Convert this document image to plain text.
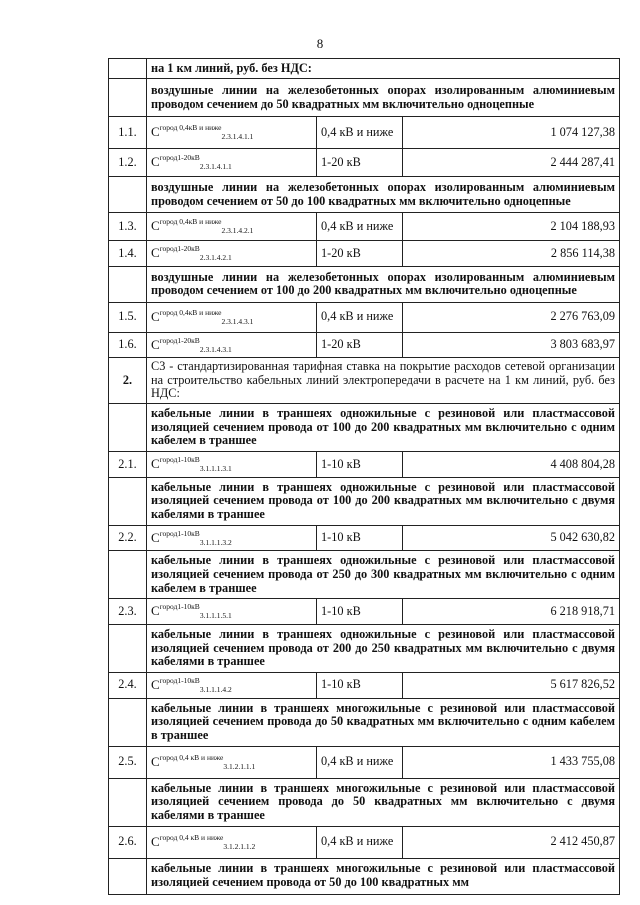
8
	на 1 км линий, руб. без НДС:		
	воздушные линии на железобетонных опорах изолированным алюминиевым проводом сечением до 50 квадратных мм включительно одноцепные		
1.1.	$С^{город 0,4кВ и ниже}_{2.3.1.4.1.1}$	0,4 кВ и ниже	1 074 127,38
1.2.	$С^{город1-20кВ}_{2.3.1.4.1.1}$	1-20 кВ	2 444 287,41
	воздушные линии на железобетонных опорах изолированным алюминиевым проводом сечением от 50 до 100 квадратных мм включительно одноцепные		
1.3.	$С^{город 0,4кВ и ниже}_{2.3.1.4.2.1}$	0,4 кВ и ниже	2 104 188,93
1.4.	$С^{город1-20кВ}_{2.3.1.4.2.1}$	1-20 кВ	2 856 114,38
	воздушные линии на железобетонных опорах изолированным алюминиевым проводом сечением от 100 до 200 квадратных мм включительно одноцепные		
1.5.	$С^{город 0,4кВ и ниже}_{2.3.1.4.3.1}$	0,4 кВ и ниже	2 276 763,09
1.6.	$С^{город1-20кВ}_{2.3.1.4.3.1}$	1-20 кВ	3 803 683,97
2.	С3 - стандартизированная тарифная ставка на покрытие расходов сетевой организации на строительство кабельных линий электропередачи в расчете на 1 км линий, руб. без НДС:		
	кабельные линии в траншеях одножильные с резиновой или пластмассовой изоляцией сечением провода от 100 до 200 квадратных мм включительно с одним кабелем в траншее		
2.1.	$С^{город1-10кВ}_{3.1.1.1.3.1}$	1-10 кВ	4 408 804,28
	кабельные линии в траншеях одножильные с резиновой или пластмассовой изоляцией сечением провода от 100 до 200 квадратных мм включительно с двумя кабелями в траншее		
2.2.	$С^{город1-10кВ}_{3.1.1.1.3.2}$	1-10 кВ	5 042 630,82
	кабельные линии в траншеях одножильные с резиновой или пластмассовой изоляцией сечением провода от 250 до 300 квадратных мм включительно с одним кабелем в траншее		
2.3.	$С^{город1-10кВ}_{3.1.1.1.5.1}$	1-10 кВ	6 218 918,71
	кабельные линии в траншеях одножильные с резиновой или пластмассовой изоляцией сечением провода от 200 до 250 квадратных мм включительно с двумя кабелями в траншее		
2.4.	$С^{город1-10кВ}_{3.1.1.1.4.2}$	1-10 кВ	5 617 826,52
	кабельные линии в траншеях многожильные с резиновой или пластмассовой изоляцией сечением провода до 50 квадратных мм включительно с одним кабелем в траншее		
2.5.	$С^{город 0,4 кВ и ниже}_{3.1.2.1.1.1}$	0,4 кВ и ниже	1 433 755,08
	кабельные линии в траншеях многожильные с резиновой или пластмассовой изоляцией сечением провода до 50 квадратных мм включительно с двумя кабелями в траншее		
2.6.	$С^{город 0,4 кВ и ниже}_{3.1.2.1.1.2}$	0,4 кВ и ниже	2 412 450,87
	кабельные линии в траншеях многожильные с резиновой или пластмассовой изоляцией сечением провода от 50 до 100 квадратных мм		
